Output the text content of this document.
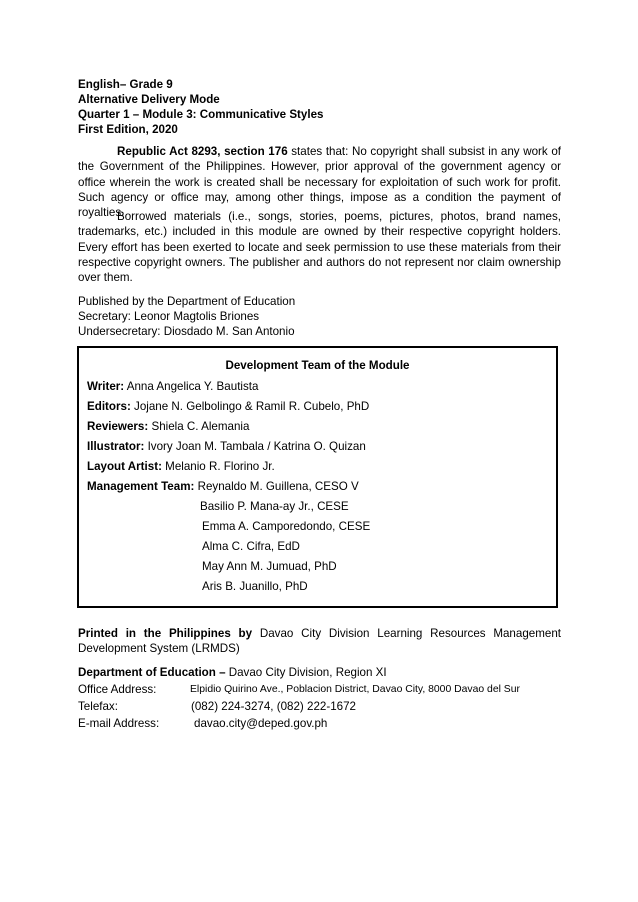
English– Grade 9
Alternative Delivery Mode
Quarter 1 – Module 3: Communicative Styles
First Edition, 2020

Republic Act 8293, section 176 states that: No copyright shall subsist in any work of the Government of the Philippines. However, prior approval of the government agency or office wherein the work is created shall be necessary for exploitation of such work for profit. Such agency or office may, among other things, impose as a condition the payment of royalties.

Borrowed materials (i.e., songs, stories, poems, pictures, photos, brand names, trademarks, etc.) included in this module are owned by their respective copyright holders. Every effort has been exerted to locate and seek permission to use these materials from their respective copyright owners. The publisher and authors do not represent nor claim ownership over them.

Published by the Department of Education
Secretary: Leonor Magtolis Briones
Undersecretary: Diosdado M. San Antonio
Development Team of the Module
Writer: Anna Angelica Y. Bautista
Editors: Jojane N. Gelbolingo & Ramil R. Cubelo, PhD
Reviewers: Shiela C. Alemania
Illustrator: Ivory Joan M. Tambala / Katrina O. Quizan
Layout Artist: Melanio R. Florino Jr.
Management Team: Reynaldo M. Guillena, CESO V
Basilio P. Mana-ay Jr., CESE
Emma A. Camporedondo, CESE
Alma C. Cifra, EdD
May Ann M. Jumuad, PhD
Aris B. Juanillo, PhD
Printed in the Philippines by Davao City Division Learning Resources Management Development System (LRMDS)
Department of Education – Davao City Division, Region XI
Office Address:	Elpidio Quirino Ave., Poblacion District, Davao City, 8000 Davao del Sur
Telefax:	(082) 224-3274, (082) 222-1672
E-mail Address:	davao.city@deped.gov.ph
